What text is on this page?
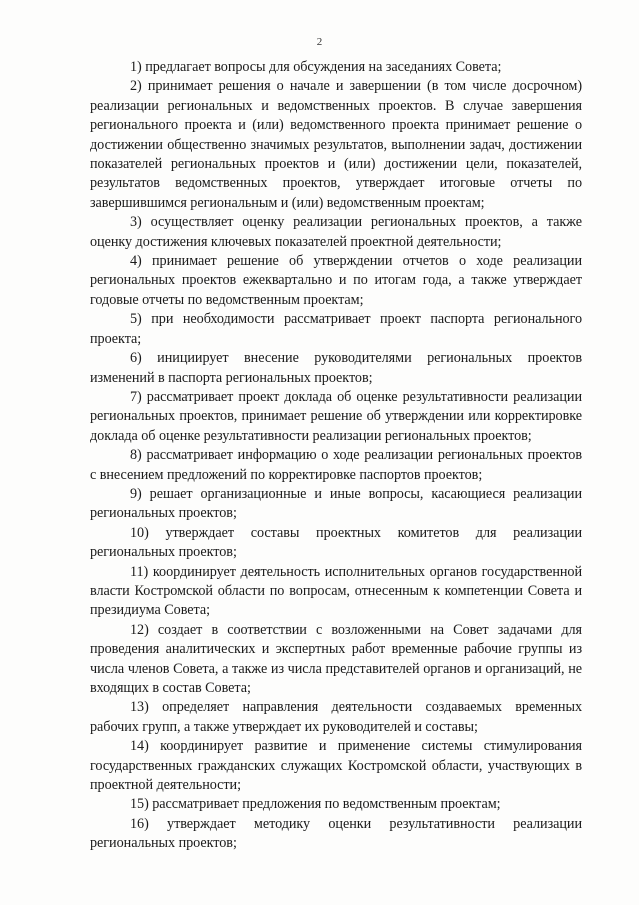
2

1) предлагает вопросы для обсуждения на заседаниях Совета;

2) принимает решения о начале и завершении (в том числе досрочном) реализации региональных и ведомственных проектов. В случае завершения регионального проекта и (или) ведомственного проекта принимает решение о достижении общественно значимых результатов, выполнении задач, достижении показателей региональных проектов и (или) достижении цели, показателей, результатов ведомственных проектов, утверждает итоговые отчеты по завершившимся региональным и (или) ведомственным проектам;

3) осуществляет оценку реализации региональных проектов, а также оценку достижения ключевых показателей проектной деятельности;

4) принимает решение об утверждении отчетов о ходе реализации региональных проектов ежеквартально и по итогам года, а также утверждает годовые отчеты по ведомственным проектам;

5) при необходимости рассматривает проект паспорта регионального проекта;

6) инициирует внесение руководителями региональных проектов изменений в паспорта региональных проектов;

7) рассматривает проект доклада об оценке результативности реализации региональных проектов, принимает решение об утверждении или корректировке доклада об оценке результативности реализации региональных проектов;

8) рассматривает информацию о ходе реализации региональных проектов с внесением предложений по корректировке паспортов проектов;

9) решает организационные и иные вопросы, касающиеся реализации региональных проектов;

10) утверждает составы проектных комитетов для реализации региональных проектов;

11) координирует деятельность исполнительных органов государственной власти Костромской области по вопросам, отнесенным к компетенции Совета и президиума Совета;

12) создает в соответствии с возложенными на Совет задачами для проведения аналитических и экспертных работ временные рабочие группы из числа членов Совета, а также из числа представителей органов и организаций, не входящих в состав Совета;

13) определяет направления деятельности создаваемых временных рабочих групп, а также утверждает их руководителей и составы;

14) координирует развитие и применение системы стимулирования государственных гражданских служащих Костромской области, участвующих в проектной деятельности;

15) рассматривает предложения по ведомственным проектам;

16) утверждает методику оценки результативности реализации региональных проектов;
